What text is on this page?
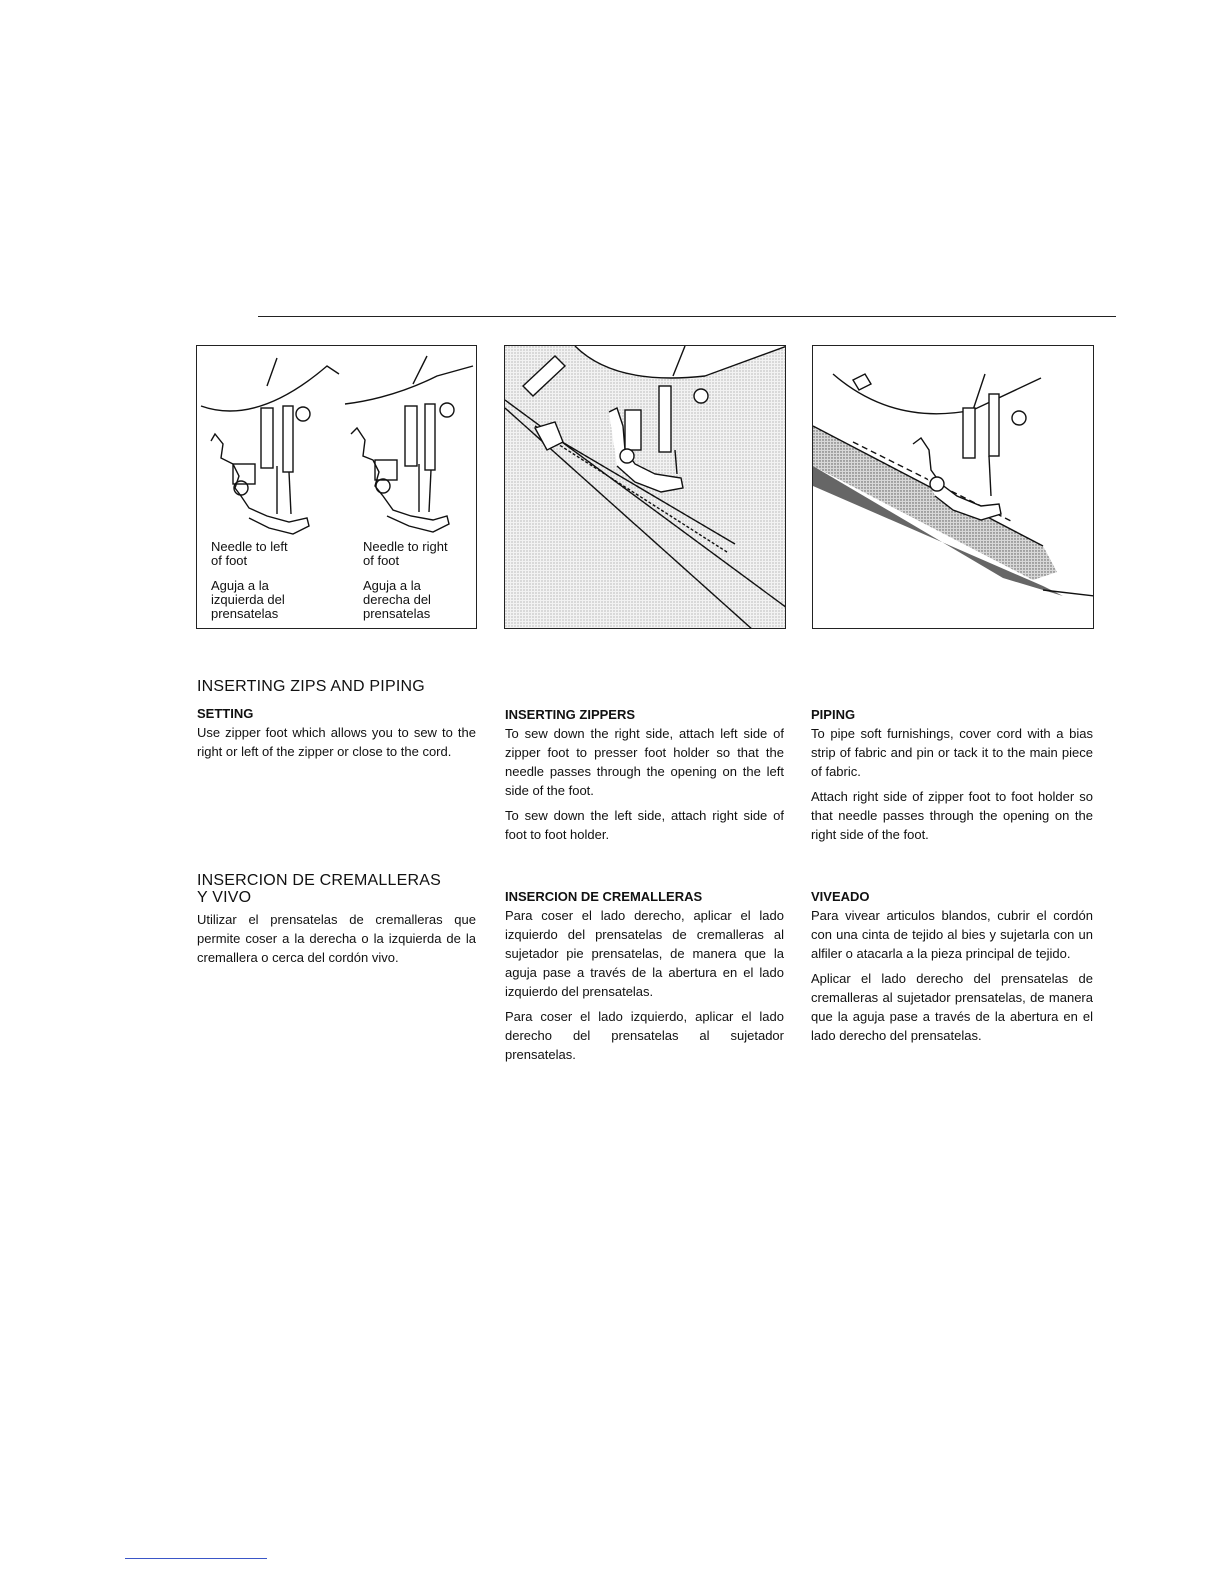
Needle to left
of foot
Aguja a la
izquierda del
prensatelas
Needle to right
of foot
Aguja a la
derecha del
prensatelas
INSERTING ZIPS AND PIPING
SETTING

Use zipper foot which allows you to sew to the right or left of the zipper or close to the cord.

INSERTING ZIPPERS

To sew down the right side, attach left side of zipper foot to presser foot holder so that the needle passes through the opening on the left side of the foot.

To sew down the left side, attach right side of foot to foot holder.

PIPING

To pipe soft furnishings, cover cord with a bias strip of fabric and pin or tack it to the main piece of fabric.

Attach right side of zipper foot to foot holder so that needle passes through the opening on the right side of the foot.

INSERCION DE CREMALLERAS
Y VIVO

Utilizar el prensatelas de cremalleras que permite coser a la derecha o la izquierda de la cremallera o cerca del cordón vivo.

INSERCION DE CREMALLERAS

Para coser el lado derecho, aplicar el lado izquierdo del prensatelas de cremalleras al sujetador pie prensatelas, de manera que la aguja pase a través de la abertura en el lado izquierdo del prensatelas.

Para coser el lado izquierdo, aplicar el lado derecho del prensatelas al sujetador prensatelas.

VIVEADO

Para vivear articulos blandos, cubrir el cordón con una cinta de tejido al bies y sujetarla con un alfiler o atacarla a la pieza principal de tejido.

Aplicar el lado derecho del prensatelas de cremalleras al sujetador prensatelas, de manera que la aguja pase a través de la abertura en el lado derecho del prensatelas.
